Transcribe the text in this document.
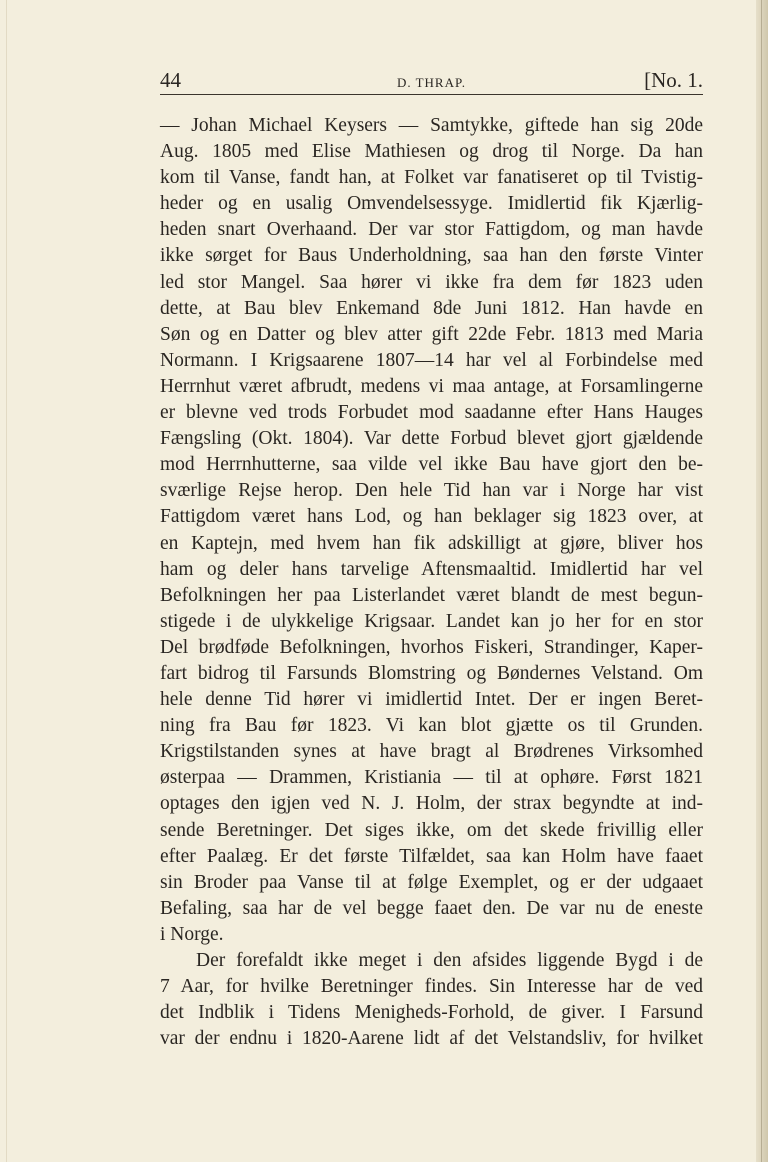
44	D. THRAP.	[No. 1.
— Johan Michael Keysers — Samtykke, giftede han sig 20de
Aug. 1805 med Elise Mathiesen og drog til Norge. Da han
kom til Vanse, fandt han, at Folket var fanatiseret op til Tvistig-
heder og en usalig Omvendelsessyge. Imidlertid fik Kjærlig-
heden snart Overhaand. Der var stor Fattigdom, og man havde
ikke sørget for Baus Underholdning, saa han den første Vinter
led stor Mangel. Saa hører vi ikke fra dem før 1823 uden
dette, at Bau blev Enkemand 8de Juni 1812. Han havde en
Søn og en Datter og blev atter gift 22de Febr. 1813 med Maria
Normann. I Krigsaarene 1807—14 har vel al Forbindelse med
Herrnhut været afbrudt, medens vi maa antage, at Forsamlingerne
er blevne ved trods Forbudet mod saadanne efter Hans Hauges
Fængsling (Okt. 1804). Var dette Forbud blevet gjort gjældende
mod Herrnhutterne, saa vilde vel ikke Bau have gjort den be-
sværlige Rejse herop. Den hele Tid han var i Norge har vist
Fattigdom været hans Lod, og han beklager sig 1823 over, at
en Kaptejn, med hvem han fik adskilligt at gjøre, bliver hos
ham og deler hans tarvelige Aftensmaaltid. Imidlertid har vel
Befolkningen her paa Listerlandet været blandt de mest begun-
stigede i de ulykkelige Krigsaar. Landet kan jo her for en stor
Del brødføde Befolkningen, hvorhos Fiskeri, Strandinger, Kaper-
fart bidrog til Farsunds Blomstring og Bøndernes Velstand. Om
hele denne Tid hører vi imidlertid Intet. Der er ingen Beret-
ning fra Bau før 1823. Vi kan blot gjætte os til Grunden.
Krigstilstanden synes at have bragt al Brødrenes Virksomhed
østerpaa — Drammen, Kristiania — til at ophøre. Først 1821
optages den igjen ved N. J. Holm, der strax begyndte at ind-
sende Beretninger. Det siges ikke, om det skede frivillig eller
efter Paalæg. Er det første Tilfældet, saa kan Holm have faaet
sin Broder paa Vanse til at følge Exemplet, og er der udgaaet
Befaling, saa har de vel begge faaet den. De var nu de eneste
i Norge.
Der forefaldt ikke meget i den afsides liggende Bygd i de
7 Aar, for hvilke Beretninger findes. Sin Interesse har de ved
det Indblik i Tidens Menigheds-Forhold, de giver. I Farsund
var der endnu i 1820-Aarene lidt af det Velstandsliv, for hvilket
